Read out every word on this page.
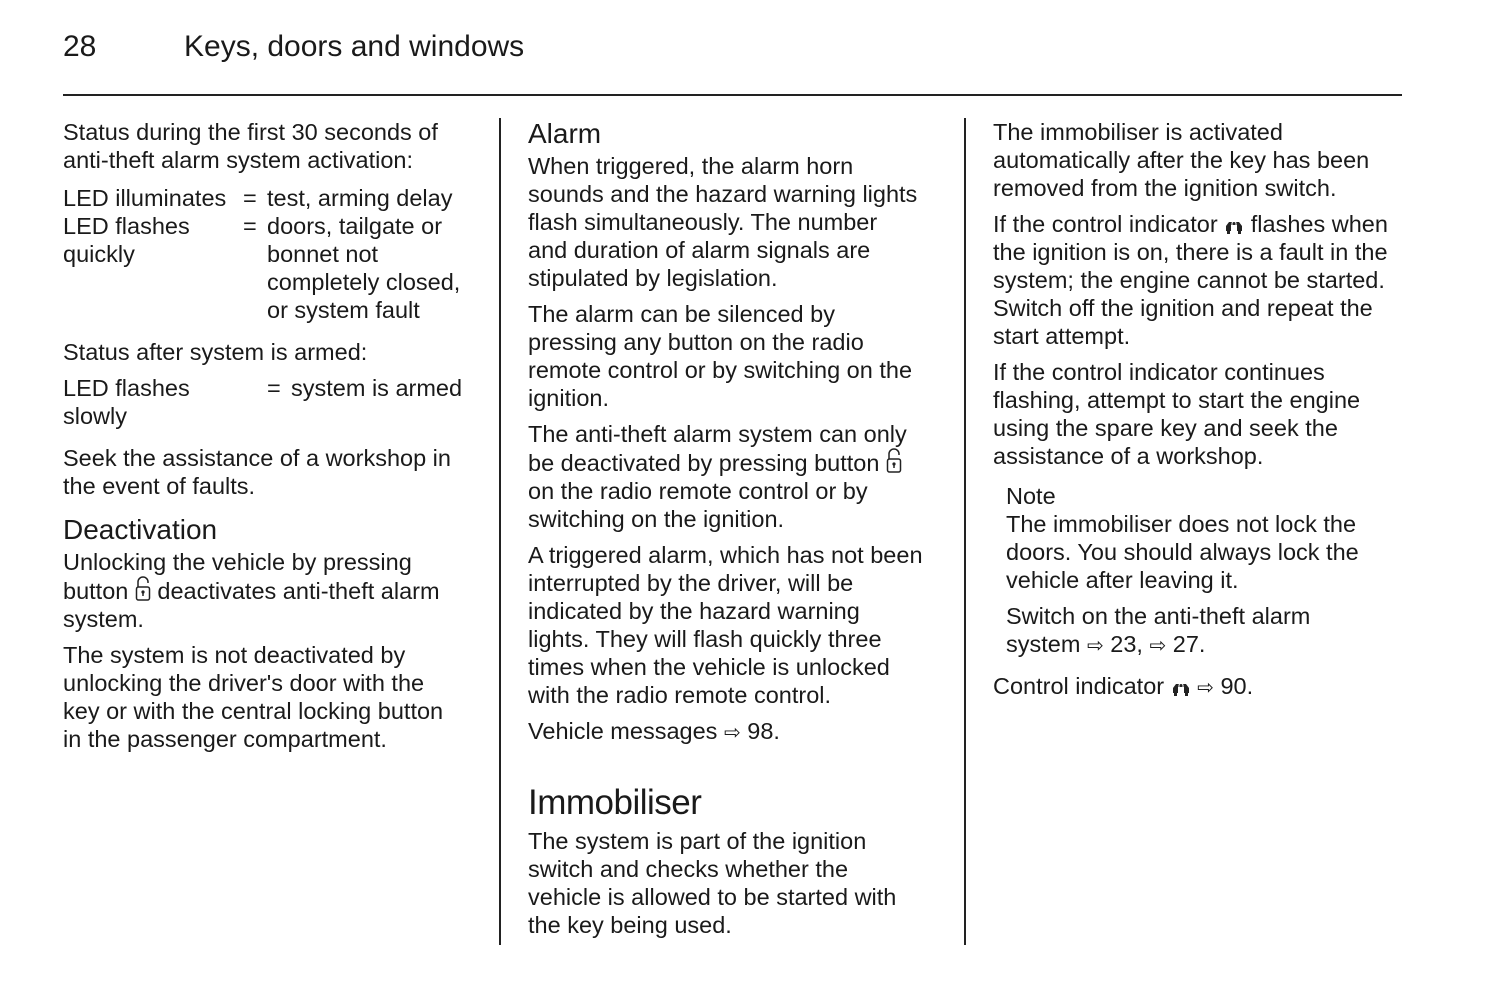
28	Keys, doors and windows

Status during the first 30 seconds of
anti-theft alarm system activation:

LED illuminates = test, arming delay
LED flashes
quickly
= doors, tailgate or
bonnet not
completely closed,
or system fault

Status after system is armed:

LED flashes
slowly
= system is armed

Seek the assistance of a workshop in
the event of faults.

Deactivation

Unlocking the vehicle by pressing
button deactivates anti-theft alarm
system.

The system is not deactivated by
unlocking the driver's door with the
key or with the central locking button
in the passenger compartment.

Alarm

When triggered, the alarm horn
sounds and the hazard warning lights
flash simultaneously. The number
and duration of alarm signals are
stipulated by legislation.

The alarm can be silenced by
pressing any button on the radio
remote control or by switching on the
ignition.

The anti-theft alarm system can only
be deactivated by pressing button
on the radio remote control or by
switching on the ignition.

A triggered alarm, which has not been
interrupted by the driver, will be
indicated by the hazard warning
lights. They will flash quickly three
times when the vehicle is unlocked
with the radio remote control.

Vehicle messages ⇨ 98.

Immobiliser

The system is part of the ignition
switch and checks whether the
vehicle is allowed to be started with
the key being used.

The immobiliser is activated
automatically after the key has been
removed from the ignition switch.

If the control indicator flashes when
the ignition is on, there is a fault in the
system; the engine cannot be started.
Switch off the ignition and repeat the
start attempt.

If the control indicator continues
flashing, attempt to start the engine
using the spare key and seek the
assistance of a workshop.

Note

The immobiliser does not lock the
doors. You should always lock the
vehicle after leaving it.

Switch on the anti-theft alarm
system ⇨ 23, ⇨ 27.

Control indicator ⇨ 90.
